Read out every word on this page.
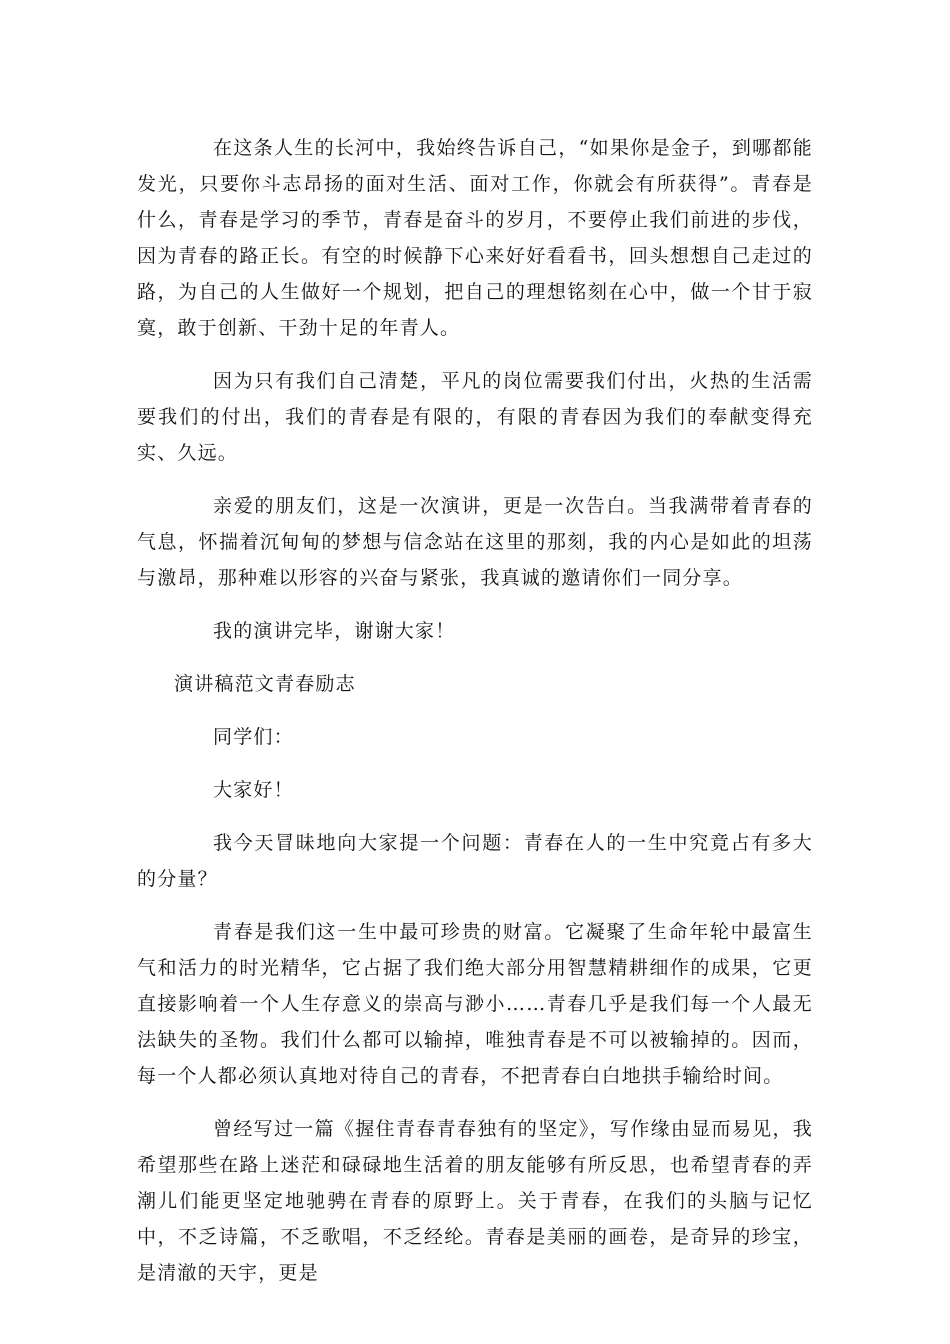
在这条人生的长河中，我始终告诉自己，“如果你是金子，到哪都能发光，只要你斗志昂扬的面对生活、面对工作，你就会有所获得”。青春是什么，青春是学习的季节，青春是奋斗的岁月，不要停止我们前进的步伐，因为青春的路正长。有空的时候静下心来好好看看书，回头想想自己走过的路，为自己的人生做好一个规划，把自己的理想铭刻在心中，做一个甘于寂寞，敢于创新、干劲十足的年青人。

因为只有我们自己清楚，平凡的岗位需要我们付出，火热的生活需要我们的付出，我们的青春是有限的，有限的青春因为我们的奉献变得充实、久远。

亲爱的朋友们，这是一次演讲，更是一次告白。当我满带着青春的气息，怀揣着沉甸甸的梦想与信念站在这里的那刻，我的内心是如此的坦荡与激昂，那种难以形容的兴奋与紧张，我真诚的邀请你们一同分享。

我的演讲完毕，谢谢大家！

演讲稿范文青春励志

同学们：

大家好！

我今天冒昧地向大家提一个问题：青春在人的一生中究竟占有多大的分量？

青春是我们这一生中最可珍贵的财富。它凝聚了生命年轮中最富生气和活力的时光精华，它占据了我们绝大部分用智慧精耕细作的成果，它更直接影响着一个人生存意义的崇高与渺小……青春几乎是我们每一个人最无法缺失的圣物。我们什么都可以输掉，唯独青春是不可以被输掉的。因而，每一个人都必须认真地对待自己的青春，不把青春白白地拱手输给时间。

曾经写过一篇《握住青春青春独有的坚定》，写作缘由显而易见，我希望那些在路上迷茫和碌碌地生活着的朋友能够有所反思，也希望青春的弄潮儿们能更坚定地驰骋在青春的原野上。关于青春，在我们的头脑与记忆中，不乏诗篇，不乏歌唱，不乏经纶。青春是美丽的画卷，是奇异的珍宝，是清澈的天宇，更是
